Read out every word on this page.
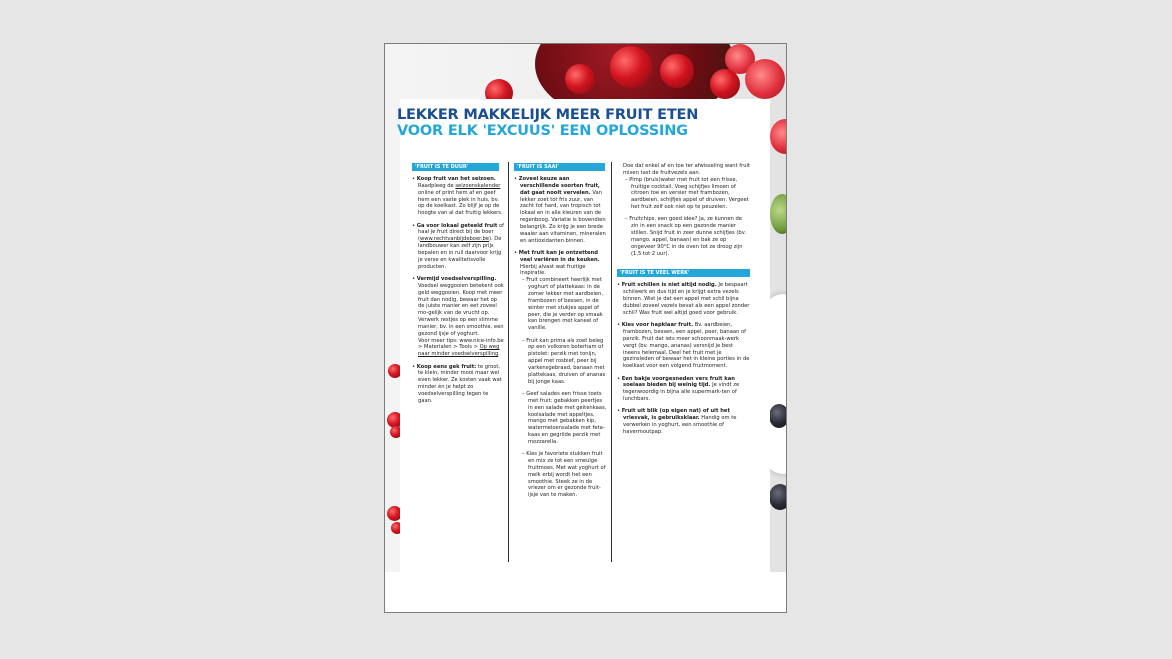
LEKKER MAKKELIJK MEER FRUIT ETEN
VOOR ELK 'EXCUUS' EEN OPLOSSING
'FRUIT IS TE DUUR'

• Koop fruit van het seizoen. Raadpleeg de seizoenskalender online of print hem af en geef hem een vaste plek in huis, bv. op de koelkast. Zo blijf je op de hoogte van al dat fruitig lekkers.

• Ga voor lokaal geteeld fruit of haal je fruit direct bij de boer (www.rechtvanbijdeboer.be). De landbouwer kan zelf zijn prijs bepalen en in ruil daarvoor krijg je verse en kwaliteitsvolle producten.

• Vermijd voedselverspilling. Voedsel weggooien betekent ook geld weggooien. Koop met meer fruit dan nodig, bewaar het op de juiste manier en eet zoveel mo-gelijk van de vrucht op. Verwerk restjes op een slimme manier, bv. in een smoothie, een gezond ijsje of yoghurt.
Voor meer tips: www.nice-info.be > Materialen > Tools > Op weg naar minder voedselverspilling.

• Koop eens gek fruit: te groot, te klein, minder mooi maar wel even lekker. Ze kosten vaak wat minder én je helpt zo voedselverspilling tegen te gaan.

'FRUIT IS SAAI'

• Zoveel keuze aan verschillende soorten fruit, dat gaat nooit vervelen. Van lekker zoet tot fris zuur, van zacht tot hard, van tropisch tot lokaal en in alle kleuren van de regenboog. Variatie is bovendien belangrijk. Zo krijg je een brede waaier aan vitaminen, mineralen en antioxidanten binnen.

• Met fruit kan je ontzettend veel variëren in de keuken. Hierbij alvast wat fruitige inspiratie.

– Fruit combineert heerlijk met yoghurt of plattekaas: in de zomer lekker met aardbeien, frambozen of bessen, in de winter met stukjes appel of peer, die je verder op smaak kan brengen met kaneel of vanille.

– Fruit kan prima als zoet beleg op een volkoren boterham of pistolet: perzik met tonijn, appel met rosbief, peer bij varkensgebraad, banaan met plattekaas, druiven of ananas bij jonge kaas.

– Geef salades een frisse toets met fruit: gebakken peertjes in een salade met geitenkaas, koolsalade met appeltjes, mango met gebakken kip, watermeloensalade met feta-kaas en gegrilde perzik met mozzarella.

– Kies je favoriete stukken fruit en mix ze tot een smeuïge fruitmoes. Met wat yoghurt of melk erbij wordt het een smoothie. Steek ze in de vriezer om er gezonde fruit-ijsje van te maken.

Doe dat enkel af en toe ter afwisseling want fruit mixen tast de fruitvezels aan.

– Pimp (bruis)water met fruit tot een frisse, fruitige cocktail. Voeg schijfjes limoen of citroen toe en versier met frambozen, aardbeien, schijfjes appel of druiven. Vergeet het fruit zelf ook niet op te peuzelen.

– Fruitchips, een goed idee? Ja, ze kunnen de zin in een snack op een gezonde manier stillen. Snijd fruit in zeer dunne schijfjes (bv. mango, appel, banaan) en bak ze op ongeveer 90°C in de oven tot ze droog zijn (1,5 tot 2 uur).

'FRUIT IS TE VEEL WERK'

• Fruit schillen is niet altijd nodig. Je bespaart schilwerk en dus tijd en je krijgt extra vezels binnen. Wist je dat een appel met schil bijna dubbel zoveel vezels bevat als een appel zonder schil? Was fruit wel altijd goed voor gebruik.

• Kies voor hapklaar fruit. Bv. aardbeien, frambozen, bessen, een appel, peer, banaan of perzik. Fruit dat iets meer schoonmaak-werk vergt (bv. mango, ananas) versnijd je best ineens helemaal. Deel het fruit met je gezinsleden of bewaar het in kleine porties in de koelkast voor een volgend fruitmoment.

• Een bakje voorgesneden vers fruit kan soelaas bieden bij weinig tijd. Je vindt ze tegenwoordig in bijna alle supermark-ten of lunchbars.

• Fruit uit blik (op eigen nat) of uit het vriesvak, is gebruiksklaar. Handig om te verwerken in yoghurt, een smoothie of havermoutpap.
